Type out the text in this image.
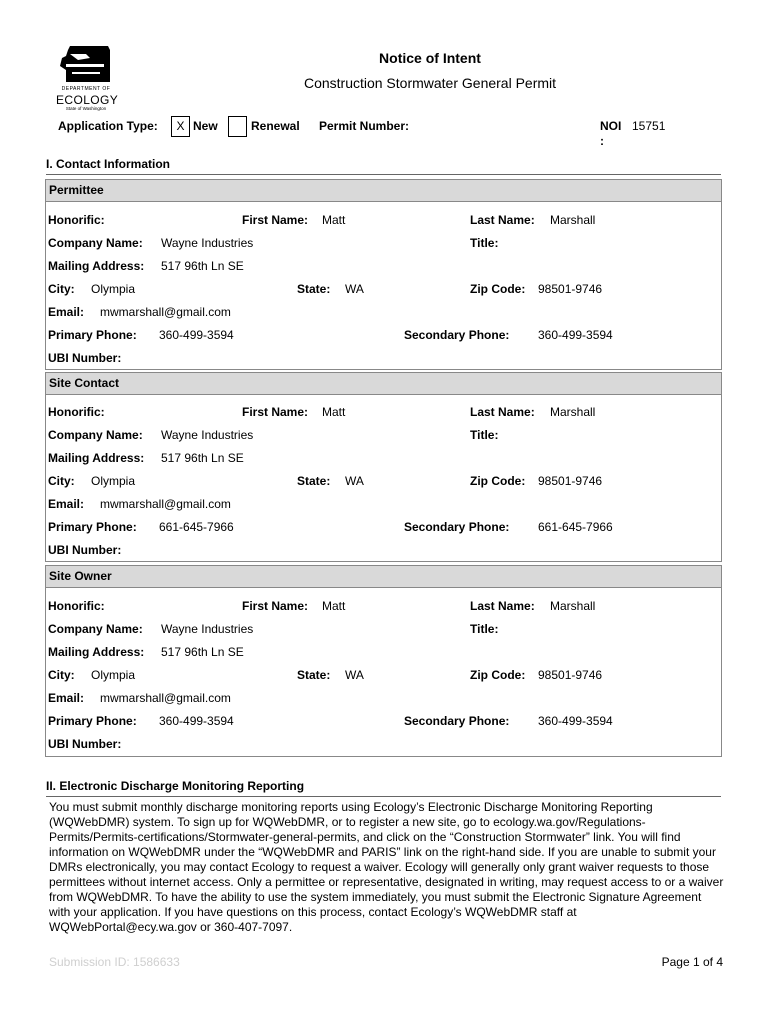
DEPARTMENT OF
ECOLOGY
State of Washington
Notice of Intent
Construction Stormwater General Permit
Application Type:	X New	Renewal Permit Number:	NOI
:
15751
I. Contact Information
Permittee
Honorific:	First Name: Matt	Last Name: Marshall
Company Name: Wayne Industries	Title:
Mailing Address: 517 96th Ln SE
City: Olympia	State: WA	Zip Code: 98501-9746
Email: mwmarshall@gmail.com
Primary Phone: 360-499-3594	Secondary Phone: 360-499-3594
UBI Number:
Site Contact
Honorific:	First Name: Matt	Last Name: Marshall
Company Name: Wayne Industries	Title:
Mailing Address: 517 96th Ln SE
City: Olympia	State: WA	Zip Code: 98501-9746
Email: mwmarshall@gmail.com
Primary Phone: 661-645-7966	Secondary Phone: 661-645-7966
UBI Number:
Site Owner
Honorific:	First Name: Matt	Last Name: Marshall
Company Name: Wayne Industries	Title:
Mailing Address: 517 96th Ln SE
City: Olympia	State: WA	Zip Code: 98501-9746
Email: mwmarshall@gmail.com
Primary Phone: 360-499-3594	Secondary Phone: 360-499-3594
UBI Number:
II. Electronic Discharge Monitoring Reporting
You must submit monthly discharge monitoring reports using Ecology’s Electronic Discharge Monitoring Reporting (WQWebDMR) system. To sign up for WQWebDMR, or to register a new site, go to ecology.wa.gov/Regulations-Permits/Permits-certifications/Stormwater-general-permits, and click on the “Construction Stormwater” link. You will find information on WQWebDMR under the “WQWebDMR and PARIS” link on the right-hand side. If you are unable to submit your DMRs electronically, you may contact Ecology to request a waiver. Ecology will generally only grant waiver requests to those permittees without internet access. Only a permittee or representative, designated in writing, may request access to or a waiver from WQWebDMR. To have the ability to use the system immediately, you must submit the Electronic Signature Agreement with your application. If you have questions on this process, contact Ecology’s WQWebDMR staff at WQWebPortal@ecy.wa.gov or 360-407-7097.
Submission ID: 1586633	Page 1 of 4
